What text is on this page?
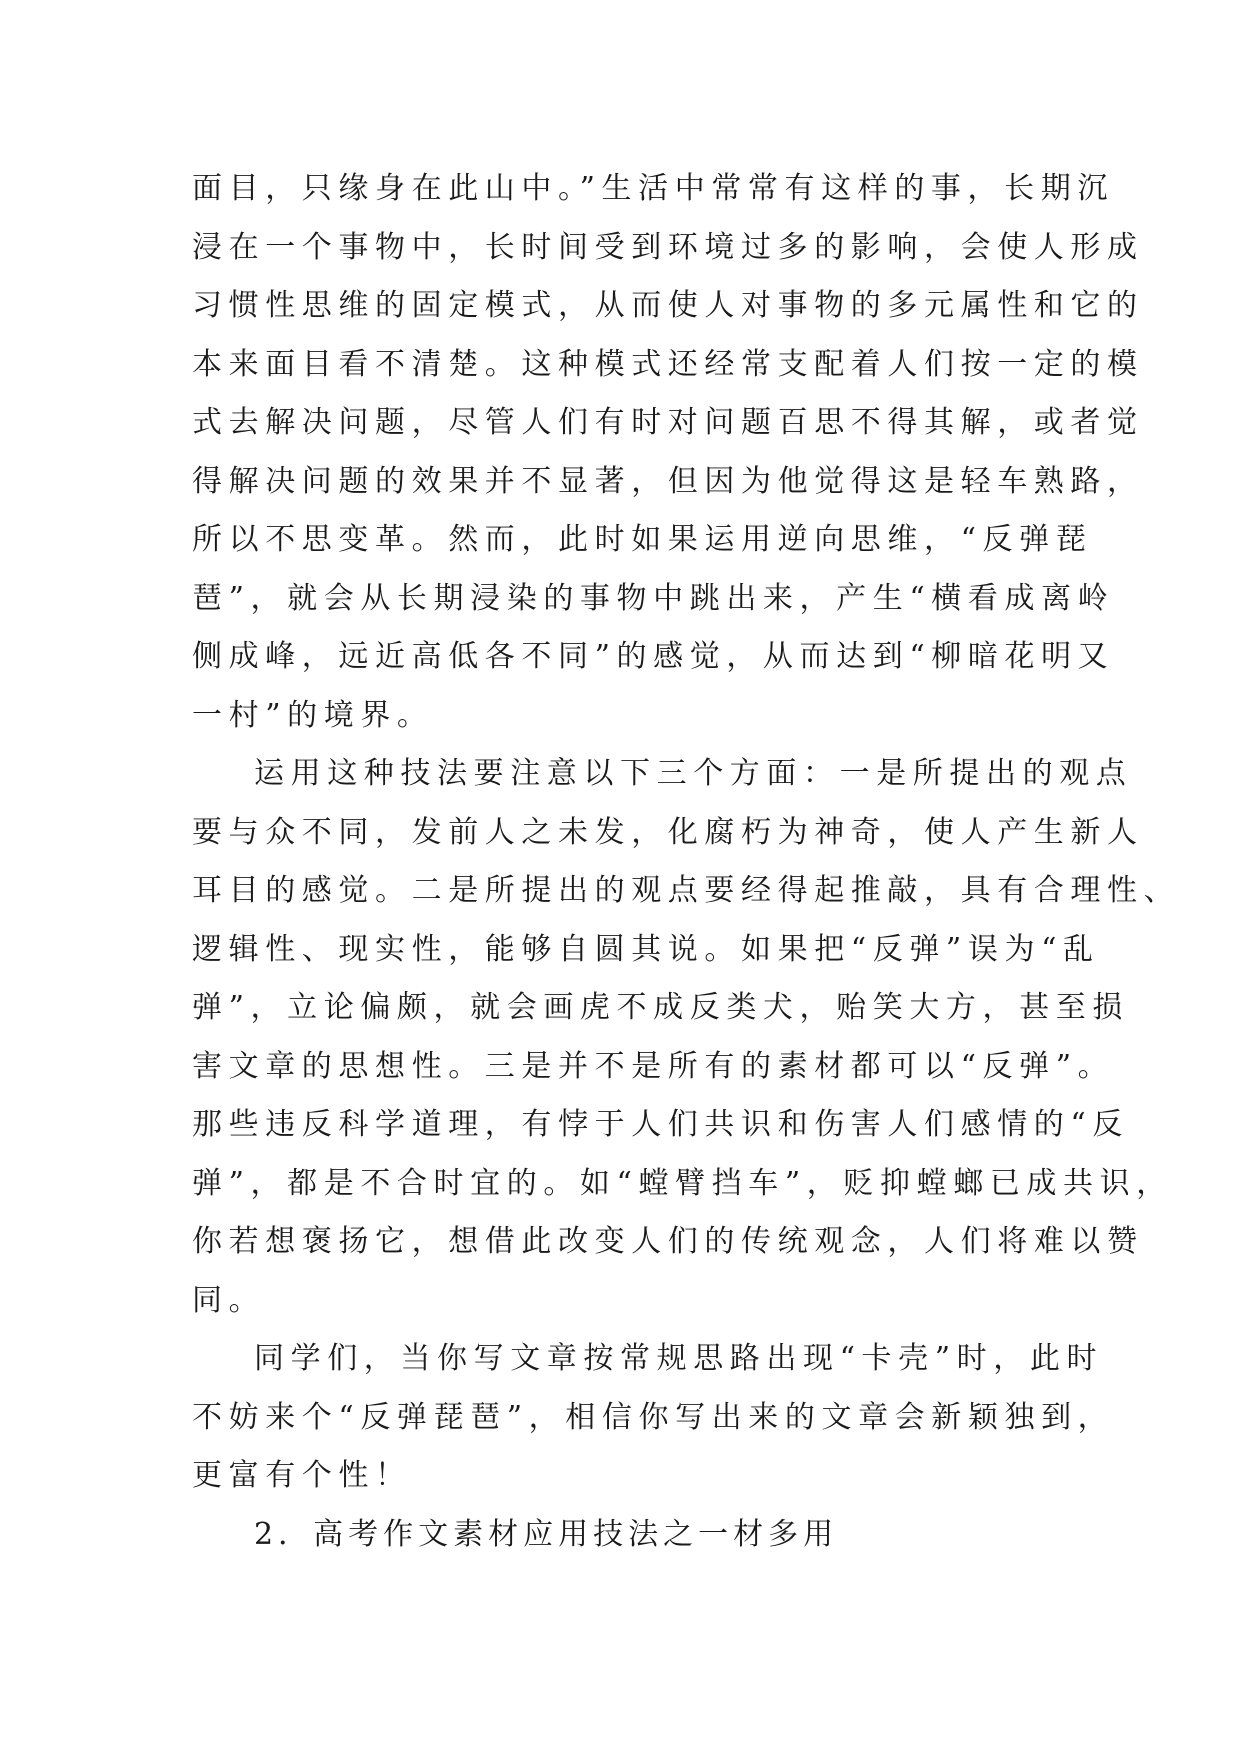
面目，只缘身在此山中。”生活中常常有这样的事，长期沉
浸在一个事物中，长时间受到环境过多的影响，会使人形成
习惯性思维的固定模式，从而使人对事物的多元属性和它的
本来面目看不清楚。这种模式还经常支配着人们按一定的模
式去解决问题，尽管人们有时对问题百思不得其解，或者觉
得解决问题的效果并不显著，但因为他觉得这是轻车熟路，
所以不思变革。然而，此时如果运用逆向思维，“反弹琵
琶”，就会从长期浸染的事物中跳出来，产生“横看成离岭
侧成峰，远近高低各不同”的感觉，从而达到“柳暗花明又
一村”的境界。
运用这种技法要注意以下三个方面：一是所提出的观点
要与众不同，发前人之未发，化腐朽为神奇，使人产生新人
耳目的感觉。二是所提出的观点要经得起推敲，具有合理性、
逻辑性、现实性，能够自圆其说。如果把“反弹”误为“乱
弹”，立论偏颇，就会画虎不成反类犬，贻笑大方，甚至损
害文章的思想性。三是并不是所有的素材都可以“反弹”。
那些违反科学道理，有悖于人们共识和伤害人们感情的“反
弹”，都是不合时宜的。如“螳臂挡车”，贬抑螳螂已成共识，
你若想褒扬它，想借此改变人们的传统观念，人们将难以赞
同。
同学们，当你写文章按常规思路出现“卡壳”时，此时
不妨来个“反弹琵琶”，相信你写出来的文章会新颖独到，
更富有个性！
2．高考作文素材应用技法之一材多用
